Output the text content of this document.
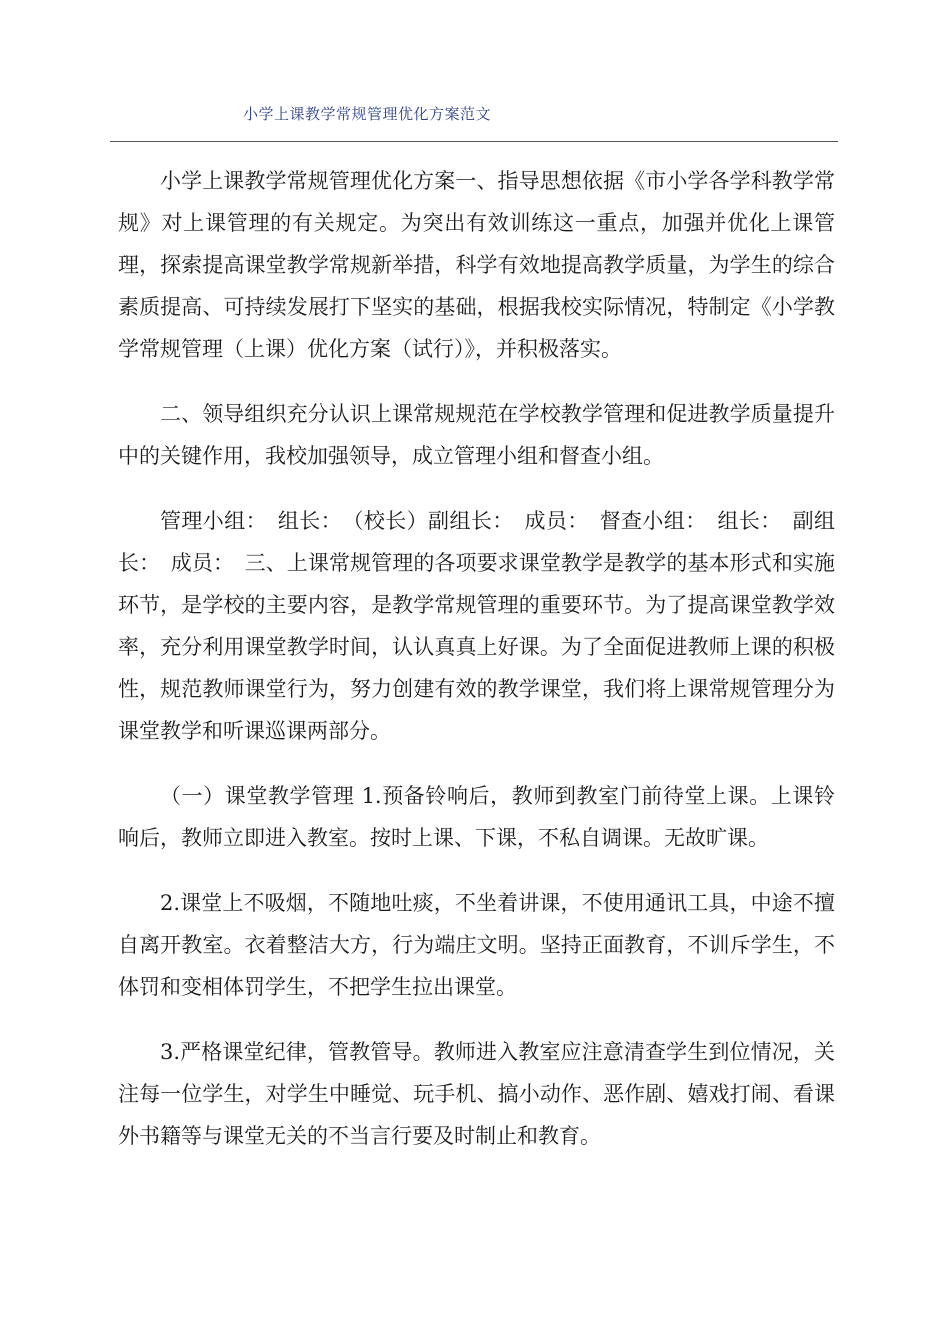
小学上课教学常规管理优化方案范文

小学上课教学常规管理优化方案一、指导思想依据《市小学各学科教学常规》对上课管理的有关规定。为突出有效训练这一重点，加强并优化上课管理，探索提高课堂教学常规新举措，科学有效地提高教学质量，为学生的综合素质提高、可持续发展打下坚实的基础，根据我校实际情况，特制定《小学教学常规管理（上课）优化方案（试行）》，并积极落实。

二、领导组织充分认识上课常规规范在学校教学管理和促进教学质量提升中的关键作用，我校加强领导，成立管理小组和督查小组。

管理小组：　组长：　（校长）副组长：　成员：　督查小组：　组长：　副组长：　成员：　三、上课常规管理的各项要求课堂教学是教学的基本形式和实施环节，是学校的主要内容，是教学常规管理的重要环节。为了提高课堂教学效率，充分利用课堂教学时间，认认真真上好课。为了全面促进教师上课的积极性，规范教师课堂行为，努力创建有效的教学课堂，我们将上课常规管理分为课堂教学和听课巡课两部分。

（一）课堂教学管理 1.预备铃响后，教师到教室门前待堂上课。上课铃响后，教师立即进入教室。按时上课、下课，不私自调课。无故旷课。

2.课堂上不吸烟，不随地吐痰，不坐着讲课，不使用通讯工具，中途不擅自离开教室。衣着整洁大方，行为端庄文明。坚持正面教育，不训斥学生，不体罚和变相体罚学生，不把学生拉出课堂。

3.严格课堂纪律，管教管导。教师进入教室应注意清查学生到位情况，关注每一位学生，对学生中睡觉、玩手机、搞小动作、恶作剧、嬉戏打闹、看课外书籍等与课堂无关的不当言行要及时制止和教育。
